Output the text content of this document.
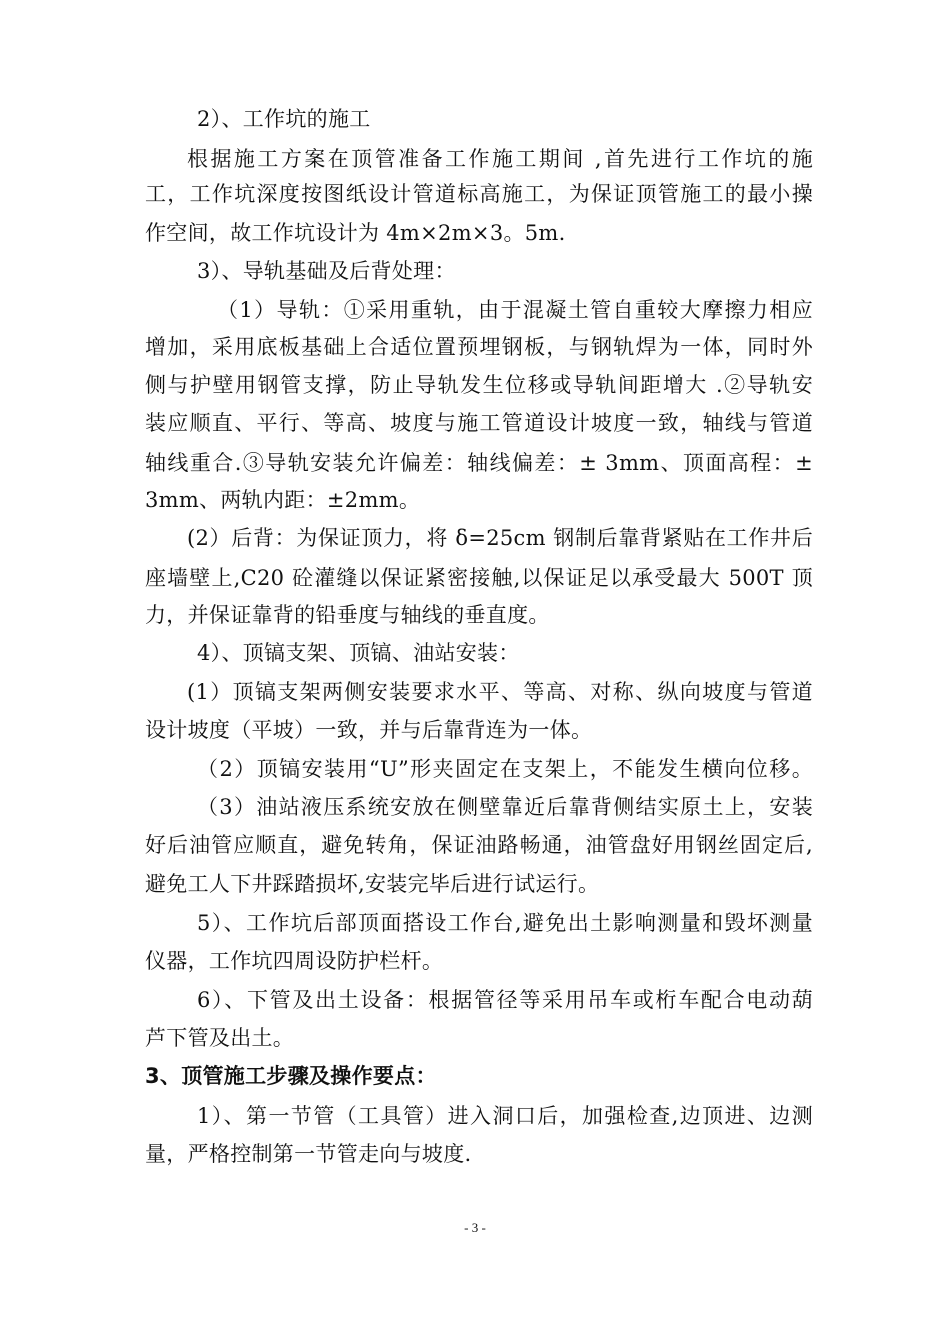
2）、工作坑的施工
根据施工方案在顶管准备工作施工期间 ,首先进行工作坑的施
工，工作坑深度按图纸设计管道标高施工，为保证顶管施工的最小操
作空间，故工作坑设计为 4m×2m×3。5m.
3）、导轨基础及后背处理：
（1）导轨：①采用重轨，由于混凝土管自重较大摩擦力相应
增加，采用底板基础上合适位置预埋钢板，与钢轨焊为一体，同时外
侧与护壁用钢管支撑，防止导轨发生位移或导轨间距增大 .②导轨安
装应顺直、平行、等高、坡度与施工管道设计坡度一致，轴线与管道
轴线重合.③导轨安装允许偏差：轴线偏差：± 3mm、顶面高程：±
3mm、两轨内距：±2mm。
(2）后背：为保证顶力，将 δ=25cm 钢制后靠背紧贴在工作井后
座墙壁上,C20 砼灌缝以保证紧密接触,以保证足以承受最大 500T 顶
力，并保证靠背的铅垂度与轴线的垂直度。
4）、顶镐支架、顶镐、油站安装：
(1）顶镐支架两侧安装要求水平、等高、对称、纵向坡度与管道
设计坡度（平坡）一致，并与后靠背连为一体。
（2）顶镐安装用“U”形夹固定在支架上，不能发生横向位移。
（3）油站液压系统安放在侧壁靠近后靠背侧结实原土上，安装
好后油管应顺直，避免转角，保证油路畅通，油管盘好用钢丝固定后,
避免工人下井踩踏损坏,安装完毕后进行试运行。
5）、工作坑后部顶面搭设工作台,避免出土影响测量和毁坏测量
仪器，工作坑四周设防护栏杆。
6）、下管及出土设备：根据管径等采用吊车或桁车配合电动葫
芦下管及出土。
3、顶管施工步骤及操作要点：
1）、第一节管（工具管）进入洞口后，加强检查,边顶进、边测
量，严格控制第一节管走向与坡度.
- 3 -
